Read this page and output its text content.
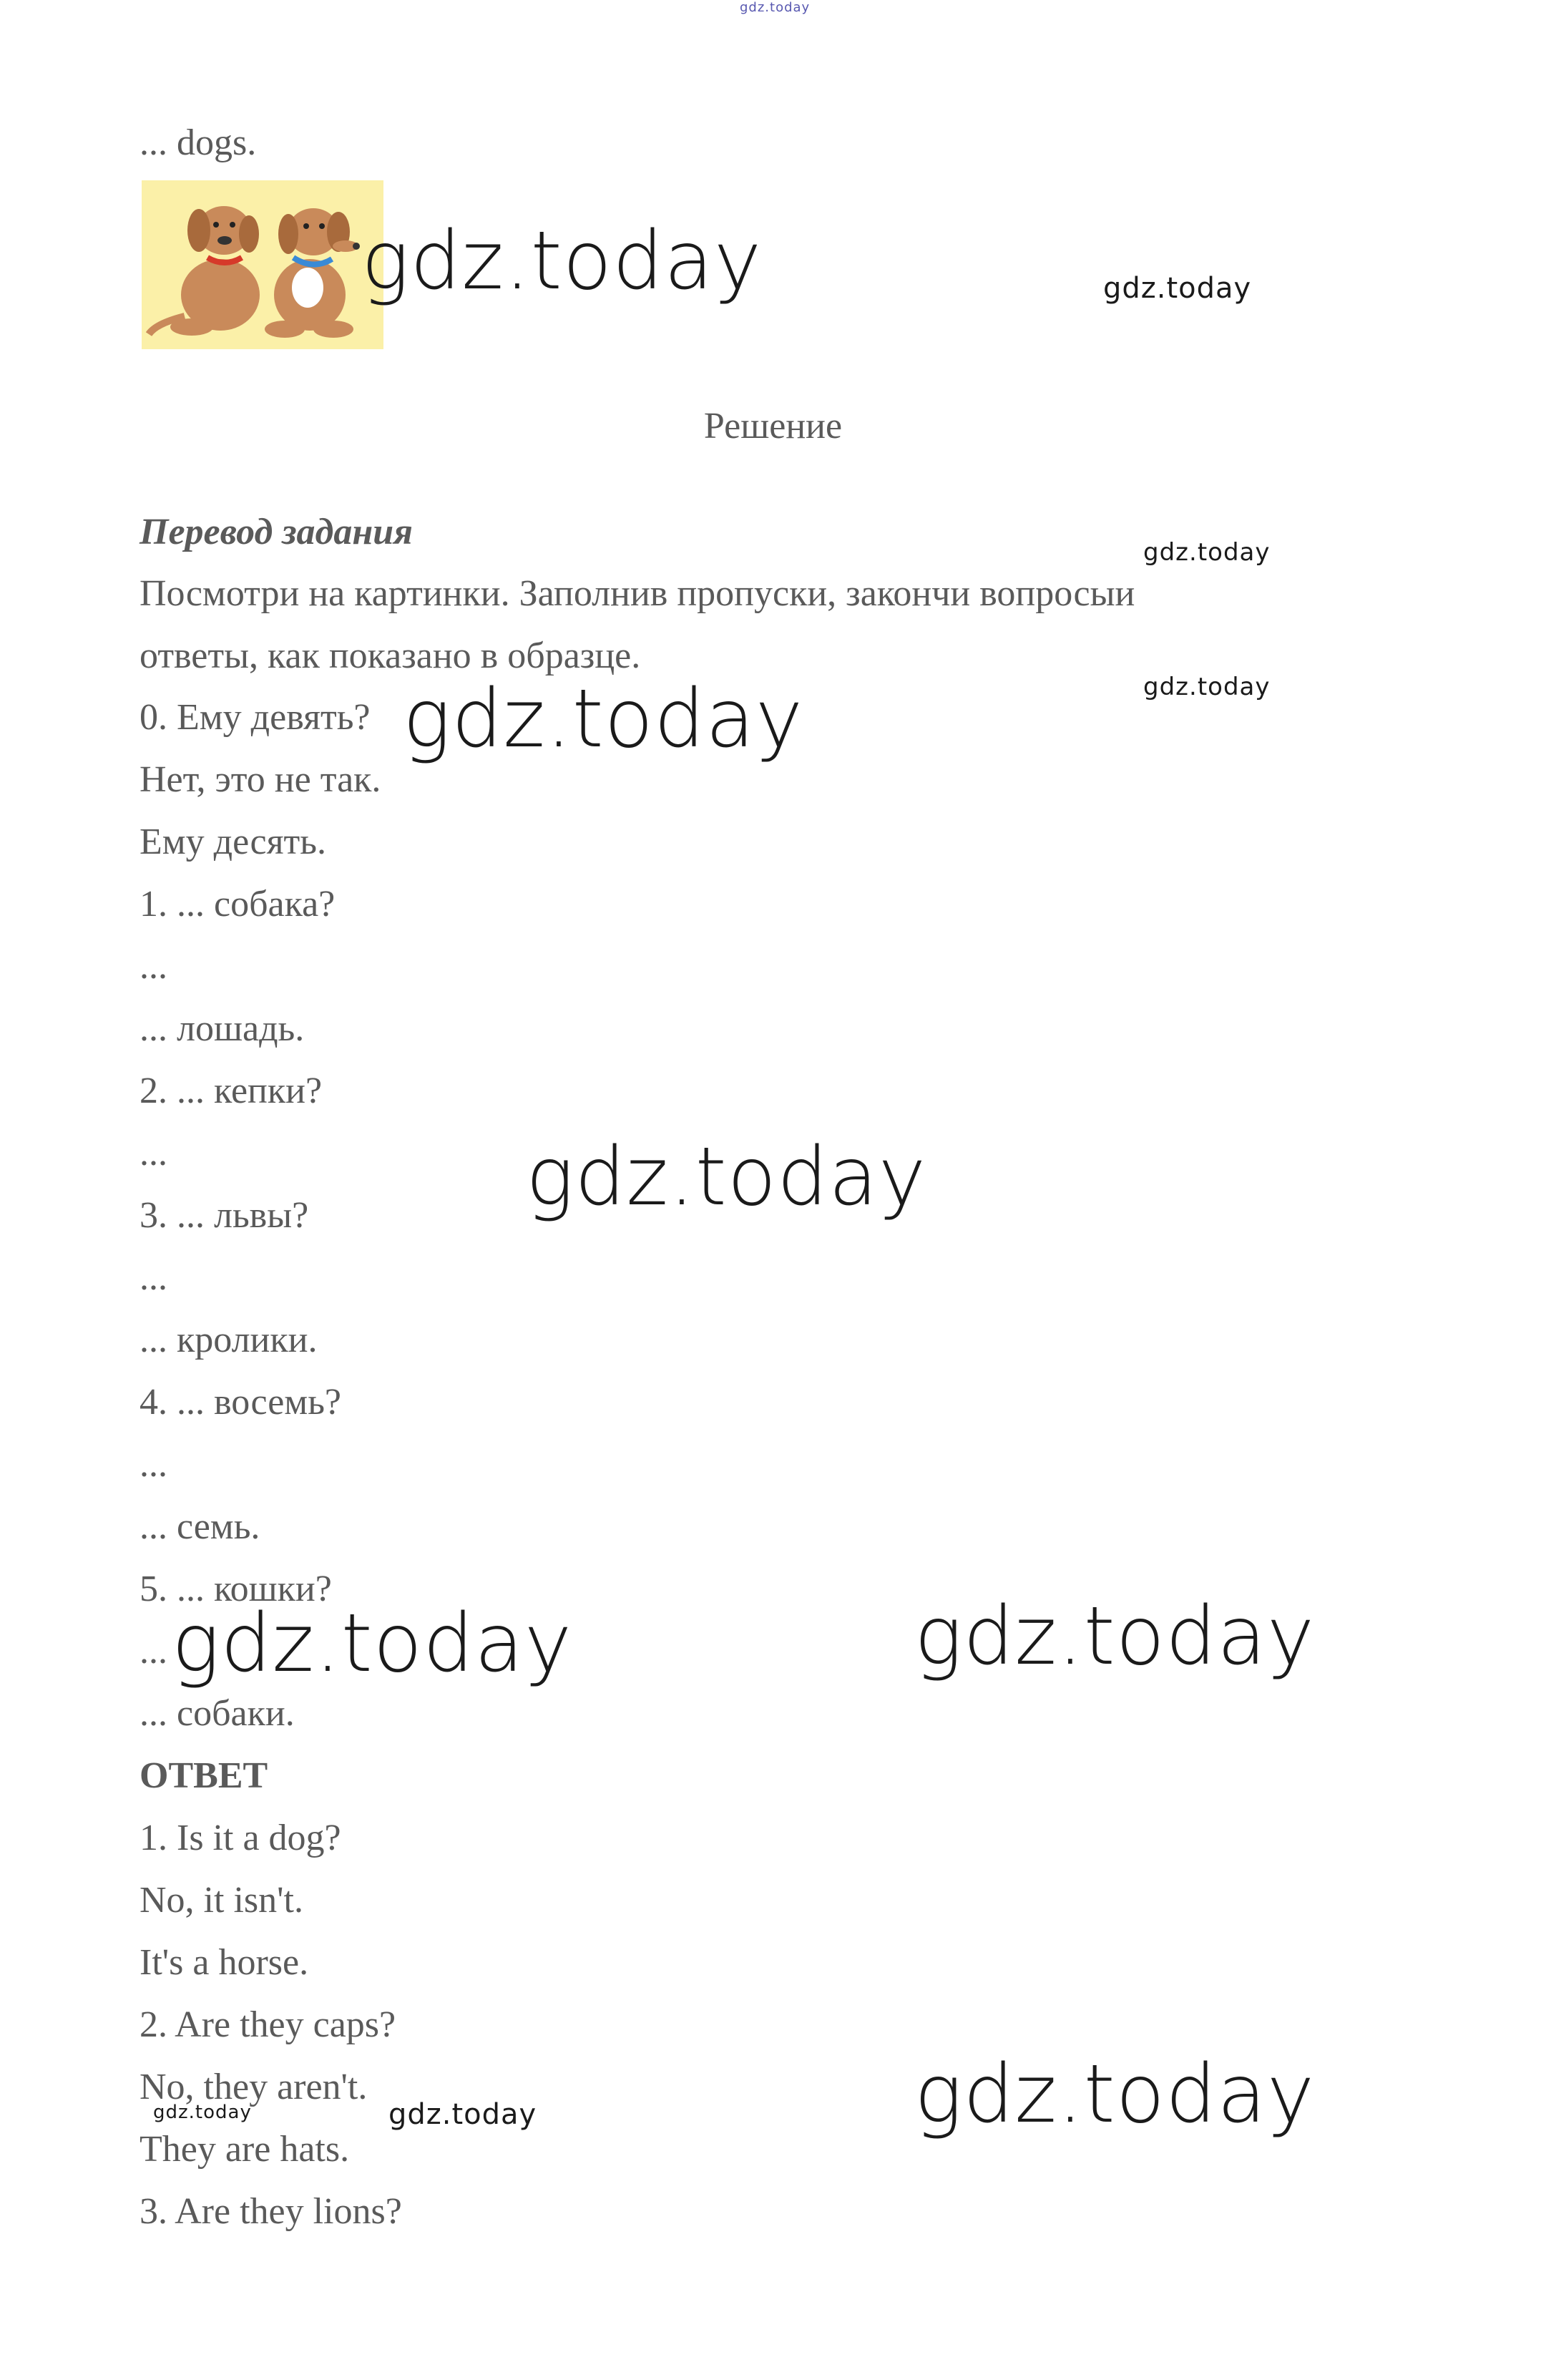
gdz.today
... dogs.
gdz.today	gdz.today
Решение
Перевод задания	gdz.today
Посмотри на картинки. Заполнив пропуски, закончи вопросыи
ответы, как показано в образце.
gdz.today
0. Ему девять? gdz.today
Нет, это не так.
Ему десять.
1. ... собака?
...
... лошадь.
2. ... кепки?
...	gdz.today
3. ... львы?
...
... кролики.
4. ... восемь?
...
... семь.
5. ... кошки?
... gdz.today	gdz.today
... собаки.
ОТВЕТ
1. Is it a dog?
No, it isn't.
It's a horse.
2. Are they caps?
No, they aren't.	gdz.today
gdz.today	gdz.today
They are hats.
3. Are they lions?
